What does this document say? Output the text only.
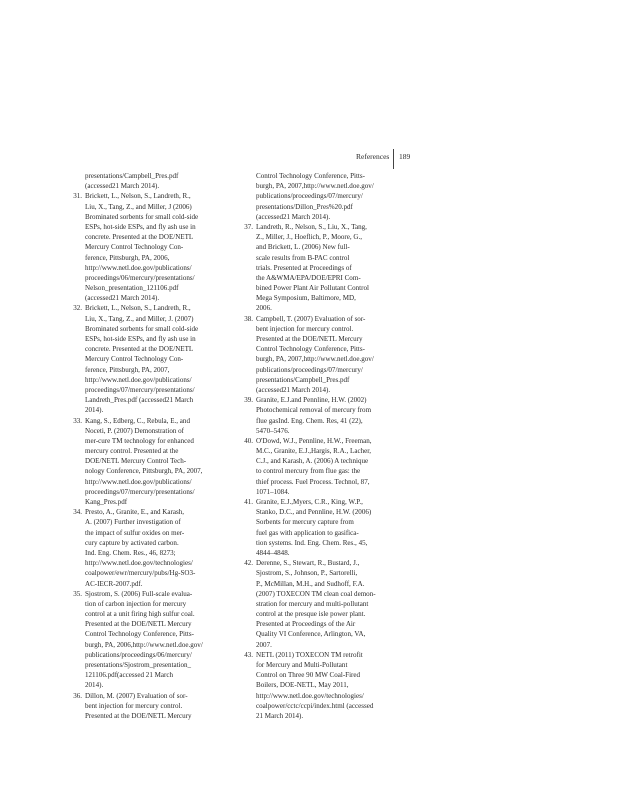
References 189
presentations/Campbell_Pres.pdf
(accessed21 March 2014).
31. Brickett, L., Nelson, S., Landreth, R.,
Liu, X., Tang, Z., and Miller, J (2006)
Brominated sorbents for small cold-side
ESPs, hot-side ESPs, and fly ash use in
concrete. Presented at the DOE/NETL
Mercury Control Technology Con-
ference, Pittsburgh, PA, 2006,
http://www.netl.doe.gov/publications/
proceedings/06/mercury/presentations/
Nelson_presentation_121106.pdf
(accessed21 March 2014).
32. Brickett, L., Nelson, S., Landreth, R.,
Liu, X., Tang, Z., and Miller, J. (2007)
Brominated sorbents for small cold-side
ESPs, hot-side ESPs, and fly ash use in
concrete. Presented at the DOE/NETL
Mercury Control Technology Con-
ference, Pittsburgh, PA, 2007,
http://www.netl.doe.gov/publications/
proceedings/07/mercury/presentations/
Landreth_Pres.pdf (accessed21 March
2014).
33. Kang, S., Edberg, C., Rebula, E., and
Noceti, P. (2007) Demonstration of
mer-cure TM technology for enhanced
mercury control. Presented at the
DOE/NETL Mercury Control Tech-
nology Conference, Pittsburgh, PA, 2007,
http://www.netl.doe.gov/publications/
proceedings/07/mercury/presentations/
Kang_Pres.pdf
34. Presto, A., Granite, E., and Karash,
A. (2007) Further investigation of
the impact of sulfur oxides on mer-
cury capture by activated carbon.
Ind. Eng. Chem. Res., 46, 8273;
http://www.netl.doe.gov/technologies/
coalpower/ewr/mercury/pubs/Hg-SO3-
AC-IECR-2007.pdf.
35. Sjostrom, S. (2006) Full-scale evalua-
tion of carbon injection for mercury
control at a unit firing high sulfur coal.
Presented at the DOE/NETL Mercury
Control Technology Conference, Pitts-
burgh, PA, 2006,http://www.netl.doe.gov/
publications/proceedings/06/mercury/
presentations/Sjostrom_presentation_
121106.pdf(accessed 21 March
2014).
36. Dillon, M. (2007) Evaluation of sor-
bent injection for mercury control.
Presented at the DOE/NETL Mercury
Control Technology Conference, Pitts-
burgh, PA, 2007,http://www.netl.doe.gov/
publications/proceedings/07/mercury/
presentations/Dillon_Pres%20.pdf
(accessed21 March 2014).
37. Landreth, R., Nelson, S., Liu, X., Tang,
Z., Miller, J., Hoeflich, P., Moore, G.,
and Brickett, L. (2006) New full-
scale results from B-PAC control
trials. Presented at Proceedings of
the A&WMA/EPA/DOE/EPRI Com-
bined Power Plant Air Pollutant Control
Mega Symposium, Baltimore, MD,
2006.
38. Campbell, T. (2007) Evaluation of sor-
bent injection for mercury control.
Presented at the DOE/NETL Mercury
Control Technology Conference, Pitts-
burgh, PA, 2007,http://www.netl.doe.gov/
publications/proceedings/07/mercury/
presentations/Campbell_Pres.pdf
(accessed21 March 2014).
39. Granite, E.J.and Pennline, H.W. (2002)
Photochemical removal of mercury from
flue gasInd. Eng. Chem. Res, 41 (22),
5470–5476.
40. O'Dowd, W.J., Pennline, H.W., Freeman,
M.C., Granite, E.J.,Hargis, R.A., Lacher,
C.J., and Karash, A. (2006) A technique
to control mercury from flue gas: the
thief process. Fuel Process. Technol, 87,
1071–1084.
41. Granite, E.J.,Myers, C.R., King, W.P.,
Stanko, D.C., and Pennline, H.W. (2006)
Sorbents for mercury capture from
fuel gas with application to gasifica-
tion systems. Ind. Eng. Chem. Res., 45,
4844–4848.
42. Derenne, S., Stewart, R., Bustard, J.,
Sjostrom, S., Johnson, P., Sartorelli,
P., McMillan, M.H., and Sudhoff, F.A.
(2007) TOXECON TM clean coal demon-
stration for mercury and multi-pollutant
control at the presque isle power plant.
Presented at Proceedings of the Air
Quality VI Conference, Arlington, VA,
2007.
43. NETL (2011) TOXECON TM retrofit
for Mercury and Multi-Pollutant
Control on Three 90 MW Coal-Fired
Boilers, DOE-NETL, May 2011,
http://www.netl.doe.gov/technologies/
coalpower/cctc/ccpi/index.html (accessed
21 March 2014).
